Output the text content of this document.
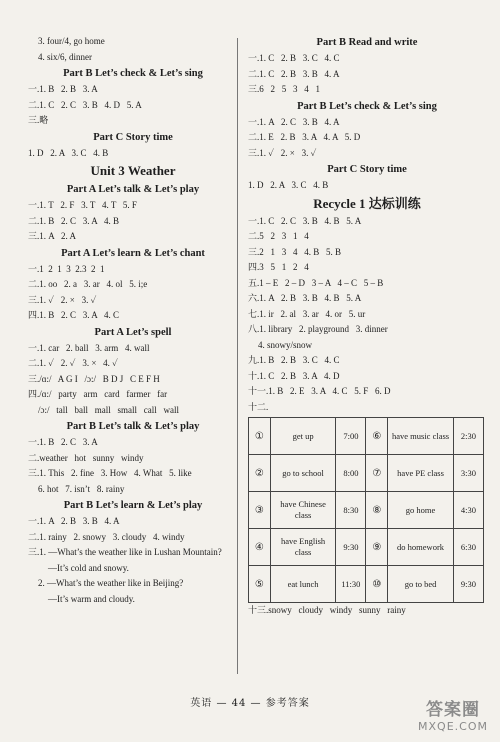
3. four/4, go home
4. six/6, dinner
Part B Let’s check & Let’s sing
一.1. B   2. B   3. A
二.1. C   2. C   3. B   4. D   5. A
三.略
Part C Story time
1. D   2. A   3. C   4. B
Unit 3 Weather
Part A Let’s talk & Let’s play
一.1. T   2. F   3. T   4. T   5. F
二.1. B   2. C   3. A   4. B
三.1. A   2. A
Part A Let’s learn & Let’s chant
一.1  2  1  3  2.3  2  1
二.1. oo   2. a   3. ar   4. ol   5. i;e
三.1. ✓   2. ×   3. ✓
四.1. B   2. C   3. A   4. C
Part A Let’s spell
一.1. car   2. ball   3. arm   4. wall
二.1. ✓   2. ✓   3. ×   4. ✓
三./ɑ:/   A G I   /ɔ:/   B D J   C E F H
四./ɑ:/   party   arm   card   farmer   far
/ɔ:/   tall   ball   mall   small   call   wall
Part B Let’s talk & Let’s play
一.1. B   2. C   3. A
二.weather   hot   sunny   windy
三.1. This   2. fine   3. How   4. What   5. like
6. hot   7. isn’t   8. rainy
Part B Let’s learn & Let’s play
一.1. A   2. B   3. B   4. A
二.1. rainy   2. snowy   3. cloudy   4. windy
三.1. —What’s the weather like in Lushan Mountain?
—It’s cold and snowy.
2. —What’s the weather like in Beijing?
—It’s warm and cloudy.
Part B Read and write
一.1. C   2. B   3. C   4. C
二.1. C   2. B   3. B   4. A
三.6   2   5   3   4   1
Part B Let’s check & Let’s sing
一.1. A   2. C   3. B   4. A
二.1. E   2. B   3. A   4. A   5. D
三.1. ✓   2. ×   3. ✓
Part C Story time
1. D   2. A   3. C   4. B
Recycle 1 达标训练
一.1. C   2. C   3. B   4. B   5. A
二.5   2   3   1   4
三.2   1   3   4   4. B   5. B
四.3   5   1   2   4
五.1 – E   2 – D   3 – A   4 – C   5 – B
六.1. A   2. B   3. B   4. B   5. A
七.1. ir   2. al   3. ar   4. or   5. ur
八.1. library   2. playground   3. dinner
4. snowy/snow
九.1. B   2. B   3. C   4. C
十.1. C   2. B   3. A   4. D
十一.1. B   2. E   3. A   4. C   5. F   6. D
十二.
①	get up	7:00	⑥	have music class	2:30
②	go to school	8:00	⑦	have PE class	3:30
③	have Chinese class	8:30	⑧	go home	4:30
④	have English class	9:30	⑨	do homework	6:30
⑤	eat lunch	11:30	⑩	go to bed	9:30
十三.snowy   cloudy   windy   sunny   rainy
英语 — 44 — 参考答案	答案圈
MXQE.COM
